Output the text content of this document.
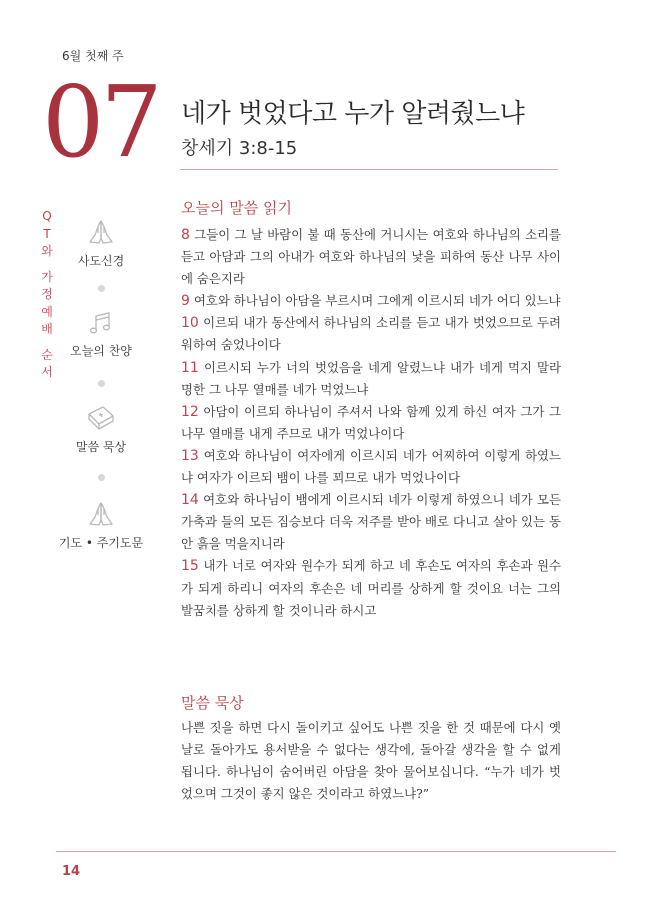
6월 첫째 주
07 네가 벗었다고 누가 알려줬느냐
창세기 3:8-15
Q
T
와
가
정
예
배
순
서
사도신경
오늘의 찬양
말씀 묵상
기도 • 주기도문
오늘의 말씀 읽기

8 그들이 그 날 바람이 불 때 동산에 거니시는 여호와 하나님의 소리를 듣고 아담과 그의 아내가 여호와 하나님의 낯을 피하여 동산 나무 사이에 숨은지라

9 여호와 하나님이 아담을 부르시며 그에게 이르시되 네가 어디 있느냐

10 이르되 내가 동산에서 하나님의 소리를 듣고 내가 벗었으므로 두려워하여 숨었나이다

11 이르시되 누가 너의 벗었음을 네게 알렸느냐 내가 네게 먹지 말라 명한 그 나무 열매를 네가 먹었느냐

12 아담이 이르되 하나님이 주셔서 나와 함께 있게 하신 여자 그가 그 나무 열매를 내게 주므로 내가 먹었나이다

13 여호와 하나님이 여자에게 이르시되 네가 어찌하여 이렇게 하였느냐 여자가 이르되 뱀이 나를 꾀므로 내가 먹었나이다

14 여호와 하나님이 뱀에게 이르시되 네가 이렇게 하였으니 네가 모든 가축과 들의 모든 짐승보다 더욱 저주를 받아 배로 다니고 살아 있는 동안 흙을 먹을지니라

15 내가 너로 여자와 원수가 되게 하고 네 후손도 여자의 후손과 원수가 되게 하리니 여자의 후손은 네 머리를 상하게 할 것이요 너는 그의 발꿈치를 상하게 할 것이니라 하시고

말씀 묵상

나쁜 짓을 하면 다시 돌이키고 싶어도 나쁜 짓을 한 것 때문에 다시 옛날로 돌아가도 용서받을 수 없다는 생각에, 돌아갈 생각을 할 수 없게 됩니다. 하나님이 숨어버린 아담을 찾아 물어보십니다. “누가 네가 벗었으며 그것이 좋지 않은 것이라고 하였느냐?”

14
